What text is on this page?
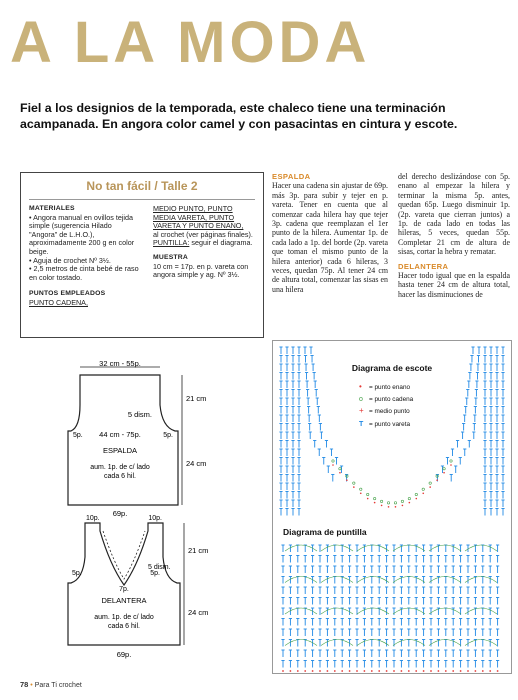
A LA MODA
Fiel a los designios de la temporada, este chaleco tiene una terminación acampanada. En angora color camel y con pasacintas en cintura y escote.
No tan fácil / Talle 2
MATERIALES
• Angora manual en ovillos tejida simple (sugerencia Hilado "Angora" de L.H.O.), aproximadamente 200 g en color beige.
• Aguja de crochet Nº 3½.
• 2,5 metros de cinta bebé de raso en color tostado.
PUNTOS EMPLEADOS
PUNTO CADENA,
MEDIO PUNTO, PUNTO MEDIA VARETA, PUNTO VARETA Y PUNTO ENANO,
al crochet (ver páginas finales).
PUNTILLA: seguir el diagrama.
MUESTRA
10 cm = 17p. en p. vareta con angora simple y ag. Nº 3½.
ESPALDA
Hacer una cadena sin ajustar de 69p. más 3p. para subir y tejer en p. vareta. Tener en cuenta que al comenzar cada hilera hay que tejer 3p. cadena que reemplazan el 1er punto de la hilera. Aumentar 1p. de cada lado a 1p. del borde (2p. vareta que toman el mismo punto de la hilera anterior) cada 6 hileras, 3 veces, quedan 75p. Al tener 24 cm de altura total, comenzar las sisas en una hilera
del derecho deslizándose con 5p. enano al empezar la hilera y terminar la misma 5p. antes, quedan 65p. Luego disminuir 1p. (2p. vareta que cierran juntos) a 1p. de cada lado en todas las hileras, 5 veces, quedan 55p. Completar 21 cm de altura de sisas, cortar la hebra y rematar.
DELANTERA
Hacer todo igual que en la espalda hasta tener 24 cm de altura total, hacer las disminuciones de
32 cm - 55p.
21 cm
5 dism.
5p.	5p.
44 cm - 75p.
ESPALDA
aum. 1p. de c/ lado
cada 6 hil.
24 cm
69p.
10p.	10p.
21 cm
5p.	5p.
5 dism.
7p.
DELANTERA
aum. 1p. de c/ lado
cada 6 hil.
24 cm
69p.
Diagrama de escote
• = punto enano
o = punto cadena
+ = medio punto
T = punto vareta
Diagrama de puntilla
78 • Para Ti crochet
